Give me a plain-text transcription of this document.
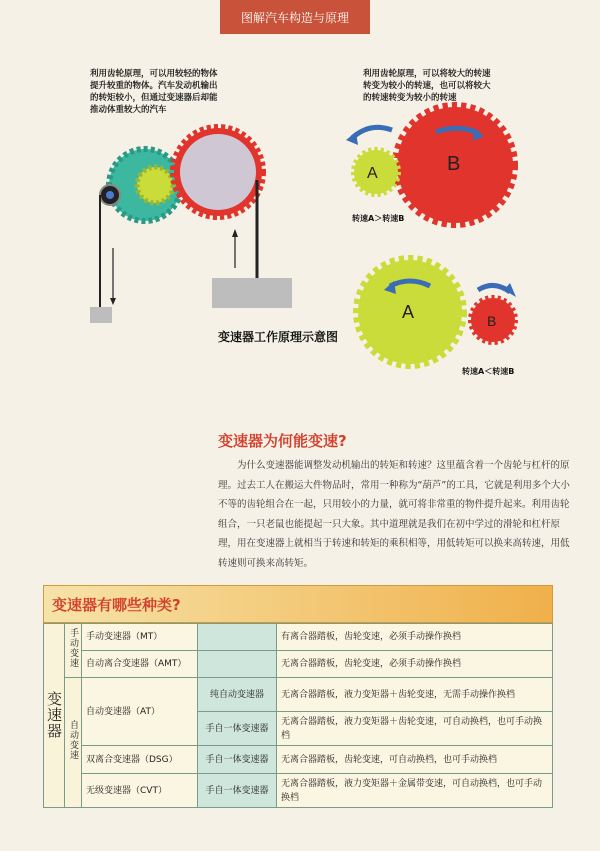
图解汽车构造与原理
利用齿轮原理，可以用较轻的物体
提升较重的物体。汽车发动机输出
的转矩较小，但通过变速器后却能
推动体重较大的汽车
利用齿轮原理，可以将较大的转速
转变为较小的转速，也可以将较大
的转速转变为较小的转速
A	B
A	B
转速A＞转速B
转速A＜转速B
变速器工作原理示意图
变速器为何能变速?

为什么变速器能调整发动机输出的转矩和转速？这里蕴含着一个齿轮与杠杆的原理。过去工人在搬运大件物品时，常用一种称为“葫芦”的工具，它就是利用多个大小不等的齿轮组合在一起，只用较小的力量，就可将非常重的物件提升起来。利用齿轮组合，一只老鼠也能提起一只大象。其中道理就是我们在初中学过的滑轮和杠杆原理，用在变速器上就相当于转速和转矩的乘积相等，用低转矩可以换来高转速，用低转速则可换来高转矩。

变速器有哪些种类?
变速器	手动变速	手动变速器（MT）		有离合器踏板，齿轮变速，必须手动操作换档
		自动离合变速器（AMT）		无离合器踏板，齿轮变速，必须手动操作换档
	自动变速	自动变速器（AT）	纯自动变速器	无离合器踏板，液力变矩器＋齿轮变速，无需手动操作换档
			手自一体变速器	无离合器踏板，液力变矩器＋齿轮变速，可自动换档，也可手动换档
		双离合变速器（DSG）	手自一体变速器	无离合器踏板，齿轮变速，可自动换档，也可手动换档
		无级变速器（CVT）	手自一体变速器	无离合器踏板，液力变矩器＋金属带变速，可自动换档，也可手动换档
